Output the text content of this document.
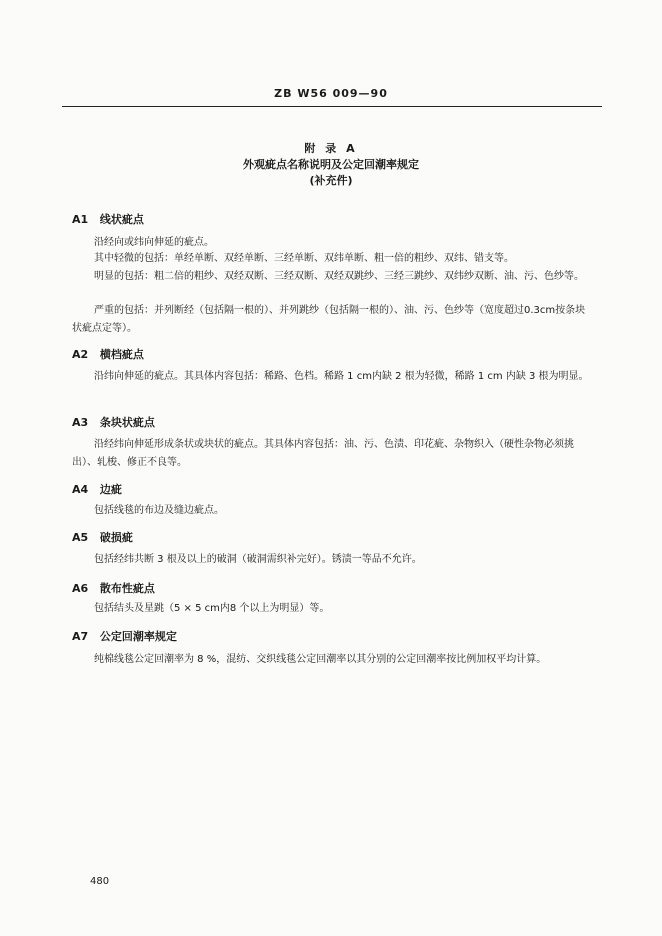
ZB W56 009—90
附 录 A
外观疵点名称说明及公定回潮率规定
(补充件)
A1 线状疵点

沿经向或纬向伸延的疵点。

其中轻微的包括：单经单断、双经单断、三经单断、双纬单断、粗一倍的粗纱、双纬、错支等。

明显的包括：粗二倍的粗纱、双经双断、三经双断、双经双跳纱、三经三跳纱、双纬纱双断、油、污、色纱等。

严重的包括：并列断经（包括隔一根的）、并列跳纱（包括隔一根的）、油、污、色纱等（宽度超过0.3cm按条块状疵点定等）。

A2 横档疵点

沿纬向伸延的疵点。其具体内容包括：稀路、色档。稀路 1 cm内缺 2 根为轻微，稀路 1 cm 内缺 3 根为明显。

A3 条块状疵点

沿经纬向伸延形成条状或块状的疵点。其具体内容包括：油、污、色渍、印花疵、杂物织入（硬性杂物必须挑出）、轧梭、修正不良等。

A4 边疵

包括线毯的布边及缝边疵点。

A5 破损疵

包括经纬共断 3 根及以上的破洞（破洞需织补完好）。锈渍一等品不允许。

A6 散布性疵点

包括结头及星跳（5 × 5 cm内8 个以上为明显）等。

A7 公定回潮率规定

纯棉线毯公定回潮率为 8 %，混纺、交织线毯公定回潮率以其分别的公定回潮率按比例加权平均计算。

480
